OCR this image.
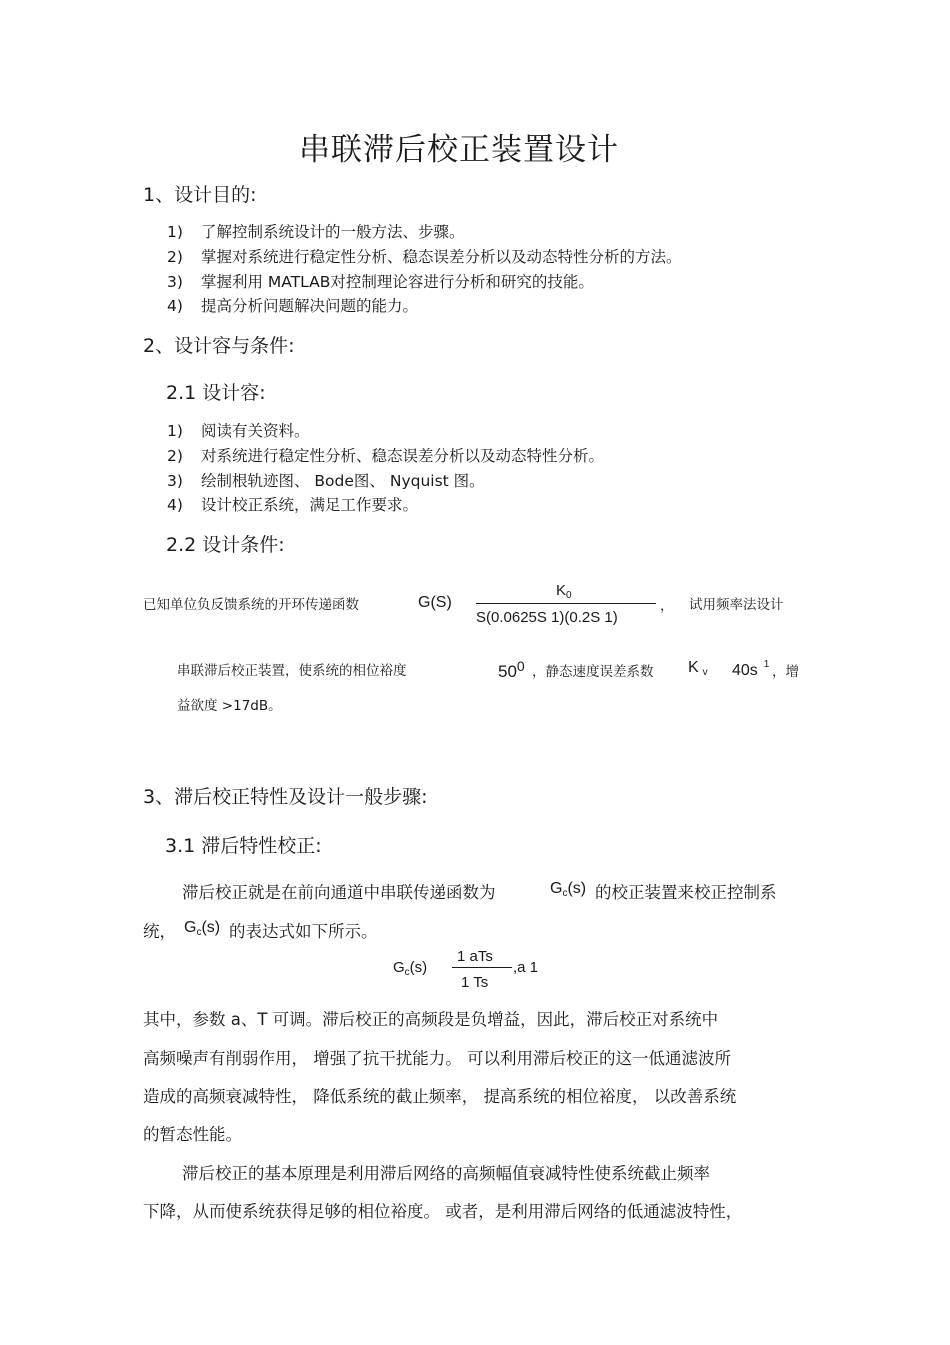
串联滞后校正装置设计
1、设计目的:
1) 了解控制系统设计的一般方法、步骤。
2) 掌握对系统进行稳定性分析、稳态误差分析以及动态特性分析的方法。
3) 掌握利用 MATLAB对控制理论容进行分析和研究的技能。
4) 提高分析问题解决问题的能力。
2、设计容与条件:
2.1 设计容:
1) 阅读有关资料。
2) 对系统进行稳定性分析、稳态误差分析以及动态特性分析。
3) 绘制根轨迹图、 Bode图、 Nyquist 图。
4) 设计校正系统，满足工作要求。
2.2 设计条件:
已知单位负反馈系统的开环传递函数	G(S)
$K_0$
S(0.0625S 1)(0.2S 1)
， 试用频率法设计
串联滞后校正装置，使系统的相位裕度	$50^0$ ，静态速度误差系数 K $_v$ 40s $^1$ ，增
益欲度 >17dB。
3、滞后校正特性及设计一般步骤:
3.1 滞后特性校正:
滞后校正就是在前向通道中串联传递函数为	$G_c(s)$ 的校正装置来校正控制系
统， $G_c(s)$ 的表达式如下所示。
$G_c(s)$
1 aTs
1 Ts
,a 1
其中，参数 a、T 可调。滞后校正的高频段是负增益，因此，滞后校正对系统中
高频噪声有削弱作用， 增强了抗干扰能力。 可以利用滞后校正的这一低通滤波所
造成的高频衰减特性， 降低系统的截止频率， 提高系统的相位裕度， 以改善系统
的暂态性能。
滞后校正的基本原理是利用滞后网络的高频幅值衰减特性使系统截止频率
下降，从而使系统获得足够的相位裕度。 或者，是利用滞后网络的低通滤波特性，
